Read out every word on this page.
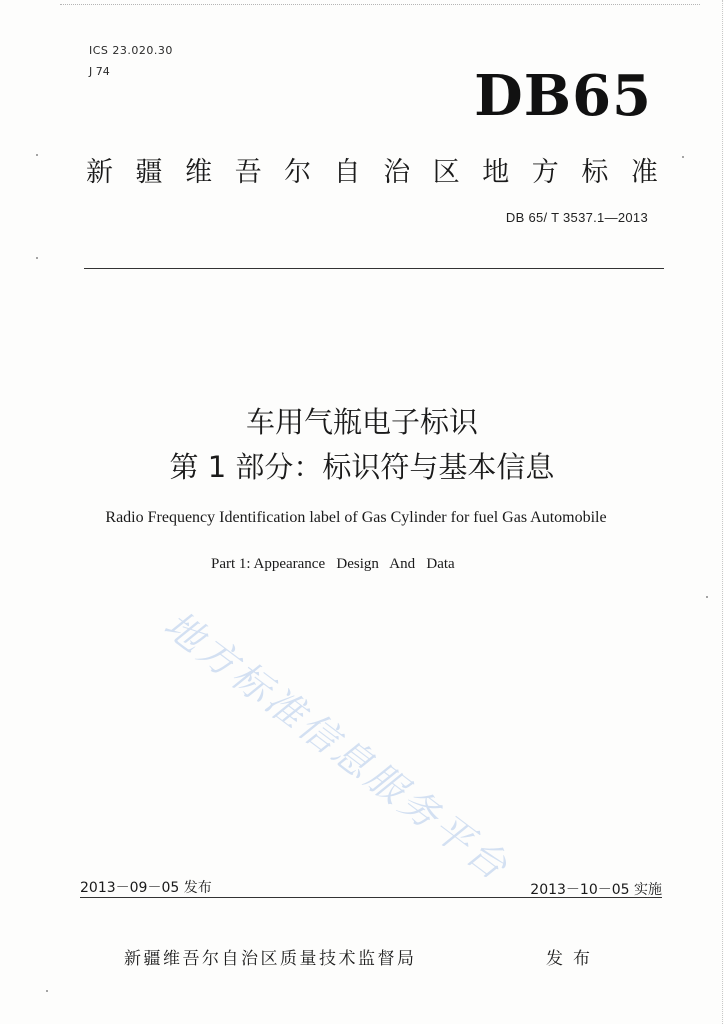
ICS 23.020.30
J 74	DB65
新 疆 维 吾 尔 自 治 区 地 方 标 准
DB 65/ T 3537.1—2013
车用气瓶电子标识
第 1 部分：标识符与基本信息
Radio Frequency Identification label of Gas Cylinder for fuel Gas Automobile
Part 1: Appearance   Design   And   Data
地方标准信息服务平台
2013－09－05 发布	2013－10－05 实施
新疆维吾尔自治区质量技术监督局	发布
